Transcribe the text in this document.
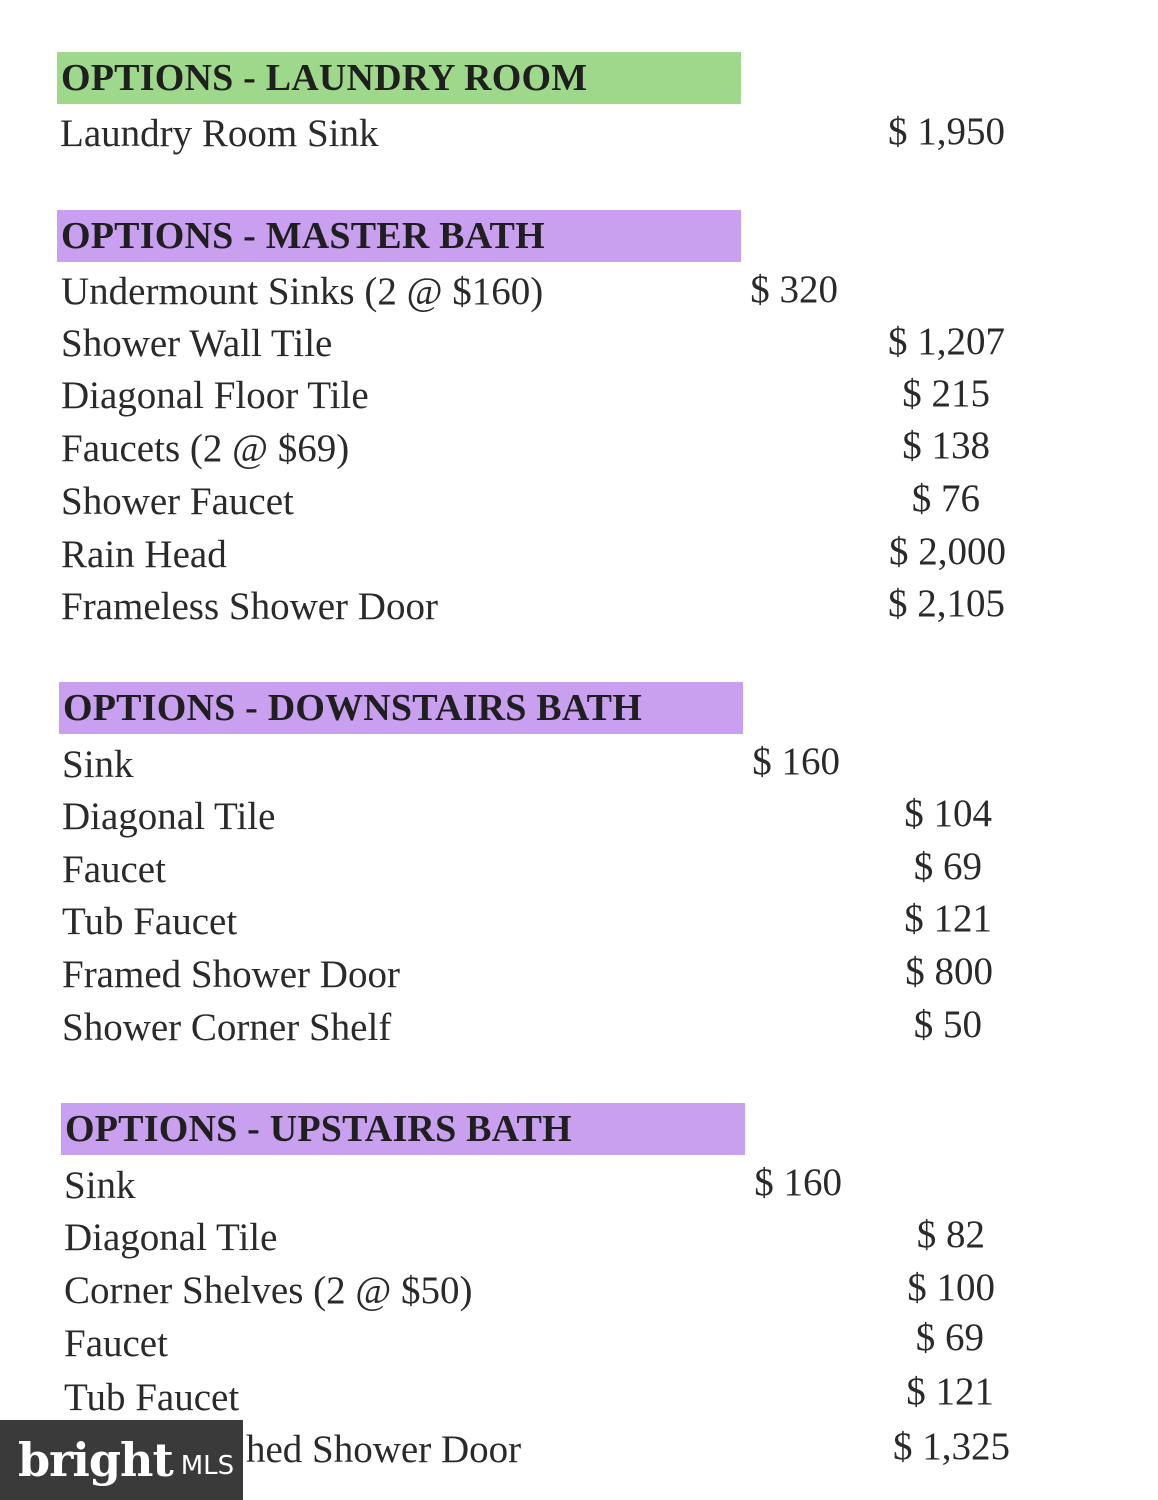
OPTIONS - LAUNDRY ROOM
Laundry Room Sink	$ 1,950
OPTIONS - MASTER BATH
Undermount Sinks (2 @ $160)	$ 320
Shower Wall Tile	$ 1,207
Diagonal Floor Tile	$ 215
Faucets (2 @ $69)	$ 138
Shower Faucet	$ 76
Rain Head	$ 2,000
Frameless Shower Door	$ 2,105
OPTIONS - DOWNSTAIRS BATH
Sink	$ 160
Diagonal Tile	$ 104
Faucet	$ 69
Tub Faucet	$ 121
Framed Shower Door	$ 800
Shower Corner Shelf	$ 50
OPTIONS - UPSTAIRS BATH
Sink	$ 160
Diagonal Tile	$ 82
Corner Shelves (2 @ $50)	$ 100
Faucet	$ 69
Tub Faucet	$ 121
hed Shower Door	$ 1,325
bright MLS
